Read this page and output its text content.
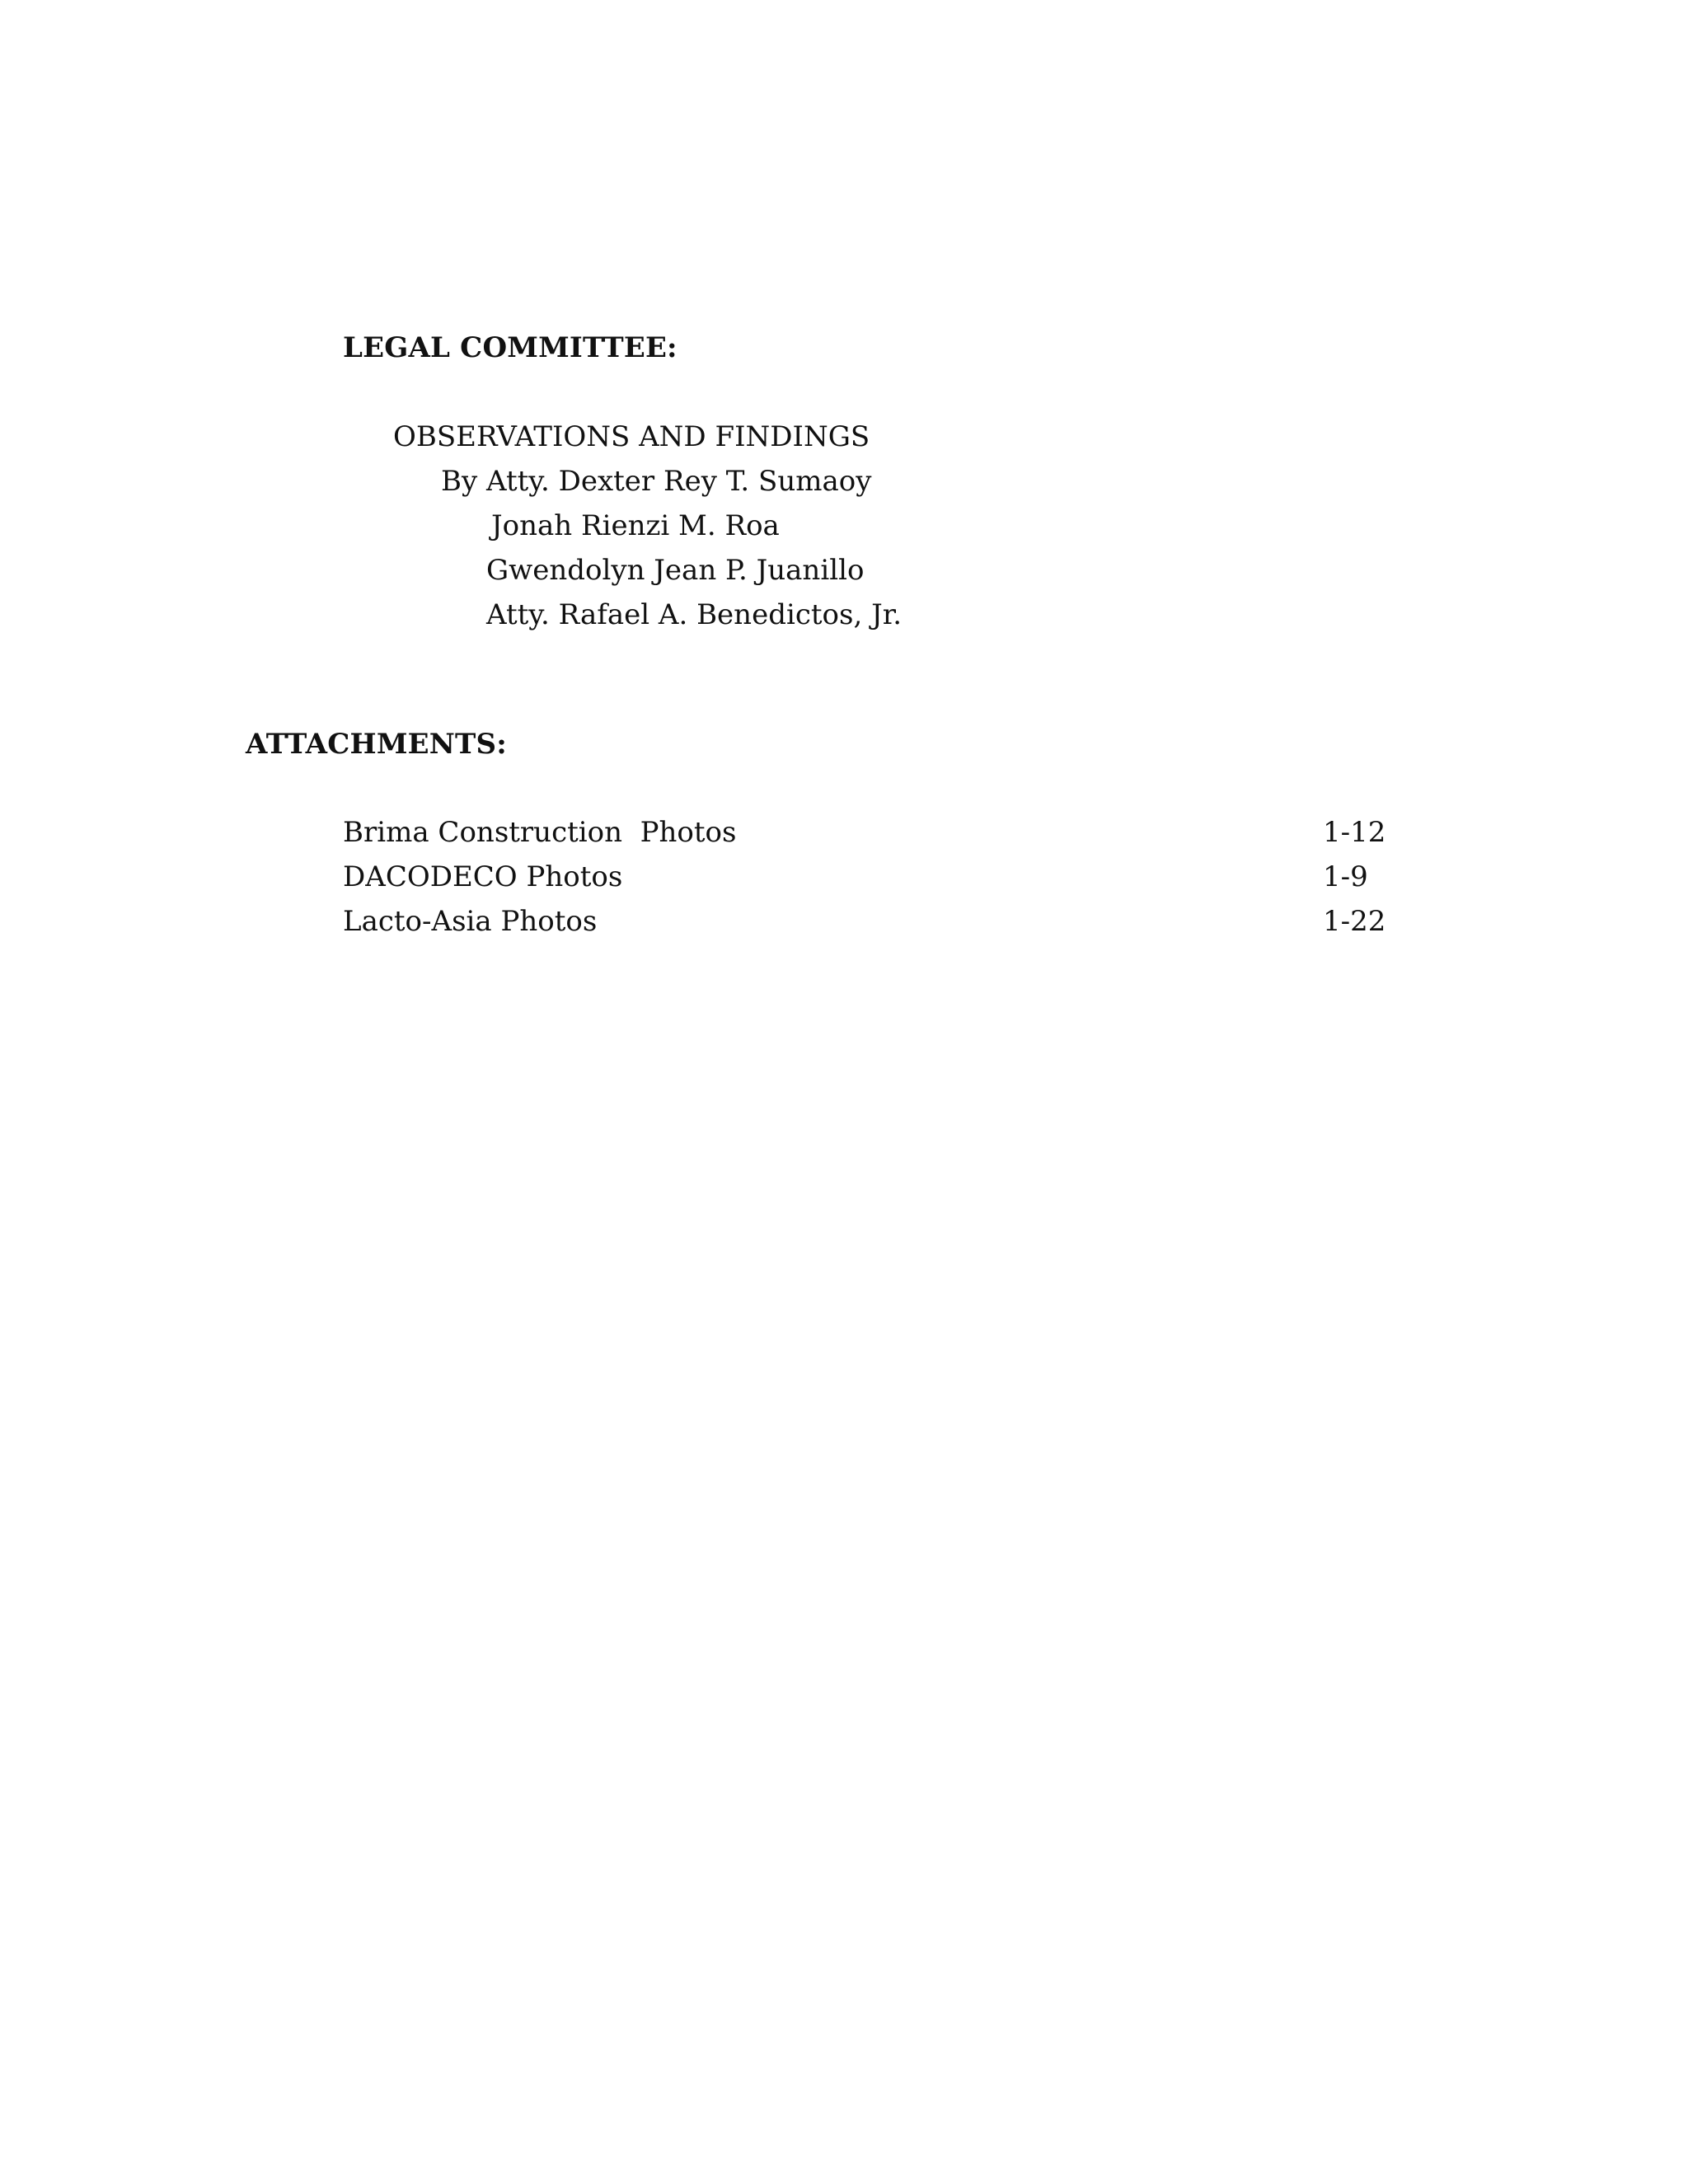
LEGAL COMMITTEE:
OBSERVATIONS AND FINDINGS
By Atty. Dexter Rey T. Sumaoy
Jonah Rienzi M. Roa
Gwendolyn Jean P. Juanillo
Atty. Rafael A. Benedictos, Jr.
ATTACHMENTS:
Brima Construction  Photos	1-12
DACODECO Photos	1-9
Lacto-Asia Photos	1-22
